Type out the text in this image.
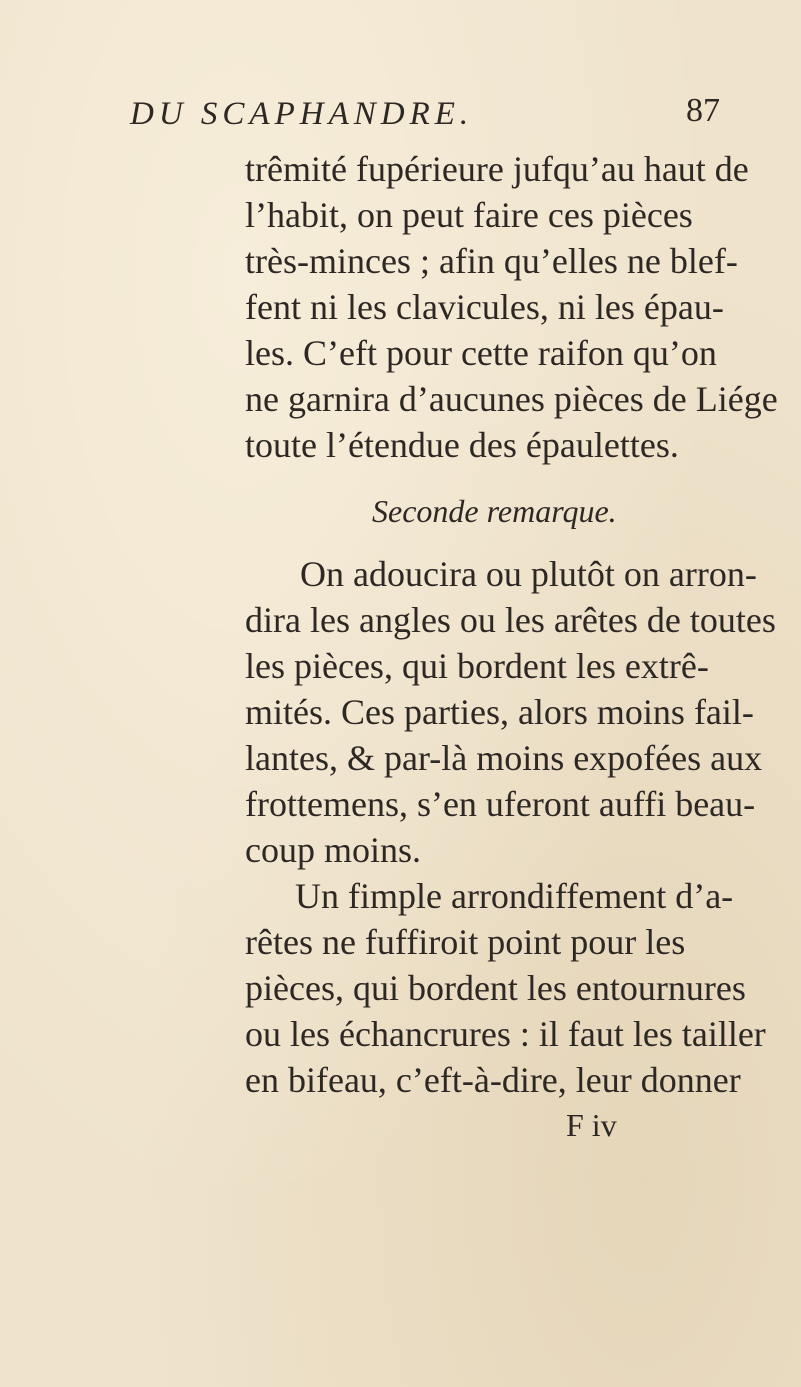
DU SCAPHANDRE.	87
trêmité fupérieure jufqu’au haut de
l’habit, on peut faire ces pièces
très-minces ; afin qu’elles ne blef-
fent ni les clavicules, ni les épau-
les. C’eft pour cette raifon qu’on
ne garnira d’aucunes pièces de Liége
toute l’étendue des épaulettes.
Seconde remarque.
On adoucira ou plutôt on arron-
dira les angles ou les arêtes de toutes
les pièces, qui bordent les extrê-
mités. Ces parties, alors moins fail-
lantes, & par-là moins expofées aux
frottemens, s’en uferont auffi beau-
coup moins.
Un fimple arrondiffement d’a-
rêtes ne fuffiroit point pour les
pièces, qui bordent les entournures
ou les échancrures : il faut les tailler
en bifeau, c’eft-à-dire, leur donner
F iv
